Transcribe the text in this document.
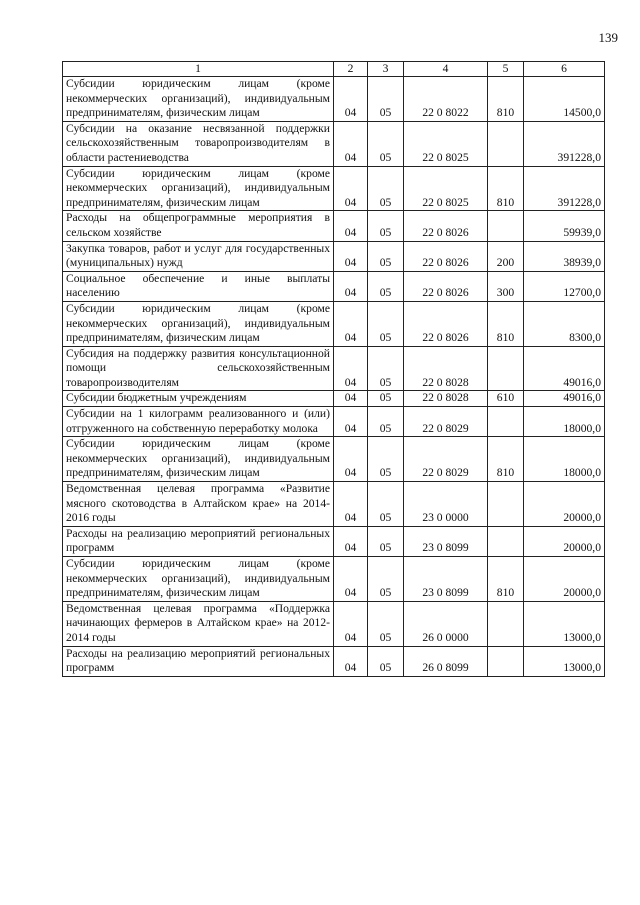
139
1	2	3	4	5	6
Субсидии юридическим лицам (кроме некоммерческих организаций), индивидуальным предпринимателям, физическим лицам	04	05	22 0 8022	810	14500,0
Субсидии на оказание несвязанной поддержки сельскохозяйственным товаропроизводителям в области растениеводства	04	05	22 0 8025		391228,0
Субсидии юридическим лицам (кроме некоммерческих организаций), индивидуальным предпринимателям, физическим лицам	04	05	22 0 8025	810	391228,0
Расходы на общепрограммные мероприятия в сельском хозяйстве	04	05	22 0 8026		59939,0
Закупка товаров, работ и услуг для государственных (муниципальных) нужд	04	05	22 0 8026	200	38939,0
Социальное обеспечение и иные выплаты населению	04	05	22 0 8026	300	12700,0
Субсидии юридическим лицам (кроме некоммерческих организаций), индивидуальным предпринимателям, физическим лицам	04	05	22 0 8026	810	8300,0
Субсидия на поддержку развития консультационной помощи сельскохозяйственным товаропроизводителям	04	05	22 0 8028		49016,0
Субсидии бюджетным учреждениям	04	05	22 0 8028	610	49016,0
Субсидии на 1 килограмм реализованного и (или) отгруженного на собственную переработку молока	04	05	22 0 8029		18000,0
Субсидии юридическим лицам (кроме некоммерческих организаций), индивидуальным предпринимателям, физическим лицам	04	05	22 0 8029	810	18000,0
Ведомственная целевая программа «Развитие мясного скотоводства в Алтайском крае» на 2014-2016 годы	04	05	23 0 0000		20000,0
Расходы на реализацию мероприятий региональных программ	04	05	23 0 8099		20000,0
Субсидии юридическим лицам (кроме некоммерческих организаций), индивидуальным предпринимателям, физическим лицам	04	05	23 0 8099	810	20000,0
Ведомственная целевая программа «Поддержка начинающих фермеров в Алтайском крае» на 2012-2014 годы	04	05	26 0 0000		13000,0
Расходы на реализацию мероприятий региональных программ	04	05	26 0 8099		13000,0
